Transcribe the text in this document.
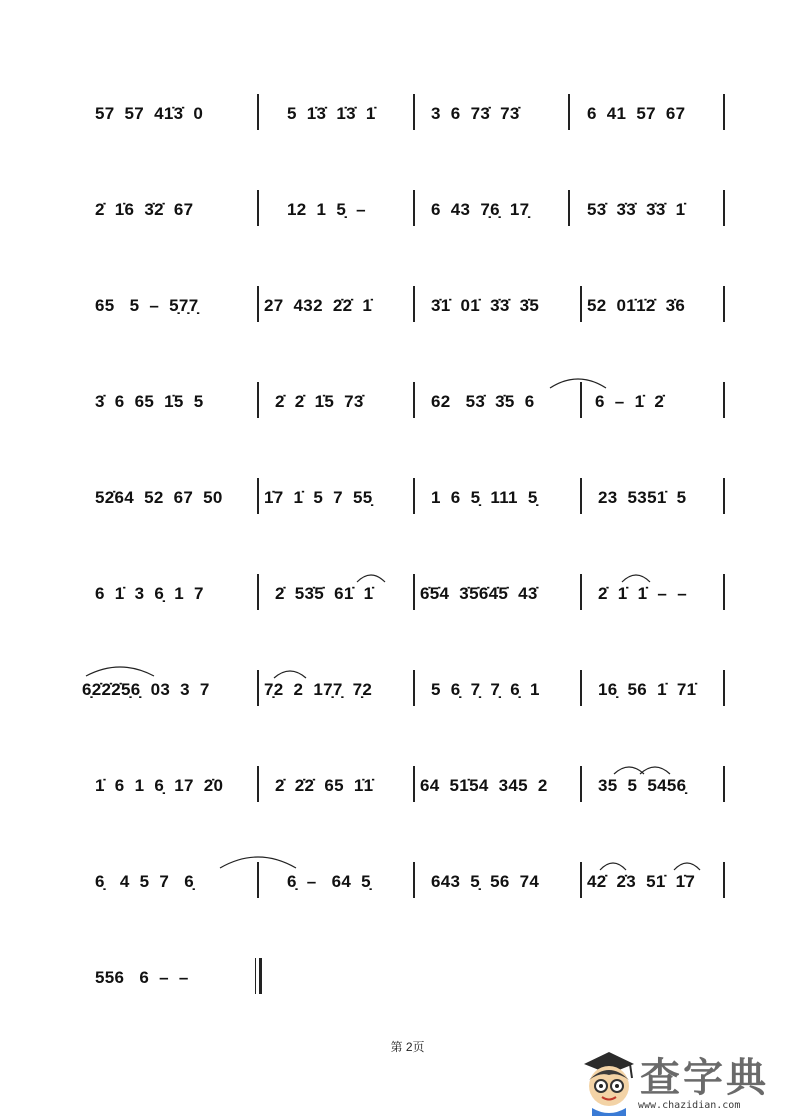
57  57  41̇3̇  0	5  1̇3̇  1̇3̇  1̇	3  6  73̇  73̇	6  41  57  67
2̇  1̇6  3̇2̇  67	12  1  5̣  –	6  43  7̣6̣  17̣	53̇  3̇3̇  3̇3̇  1̇
65   5  –  5̣7̣7̣	27  432  2̇2̇  1̇	3̇1̇  01̇  3̇3̇  3̇5	52  01̇1̇2̇  3̇6
3̇  6  65  1̇5  5	2̇  2̇  1̇5  73̇	62   53̇  3̇5  6	6  –  1̇  2̇
52̇64  52  67  50 1̇7  1̇  5  7  55̣	1  6  5̣  111  5̣	23  5351̇  5
6  1̇  3  6̣  1  7	2̇  53̇5̇  61̇  1̇	6̇5̇4  3̇5̇6̇4̇5̇  43̇	2̇  1̇  1̇  –  –
6̣2̇2̇2̇5̣6̣  03  3  7	7̣2  2  17̣7̣  7̣2	5  6̣  7̣  7̣  6̣  1	16̣  56  1̇  71̇
1̇  6  1  6̣  17  2̇0	2̇  2̇2̇  65  1̇1̇	64  51̇54  345  2	35  5  5456̣
6̣   4  5  7   6̣	6̣  –   64  5̣	643  5̣  56  74	42̇  2̇3  51̇  1̇7
556   6  –  –
第 2页
查字典
www.chazidian.com
